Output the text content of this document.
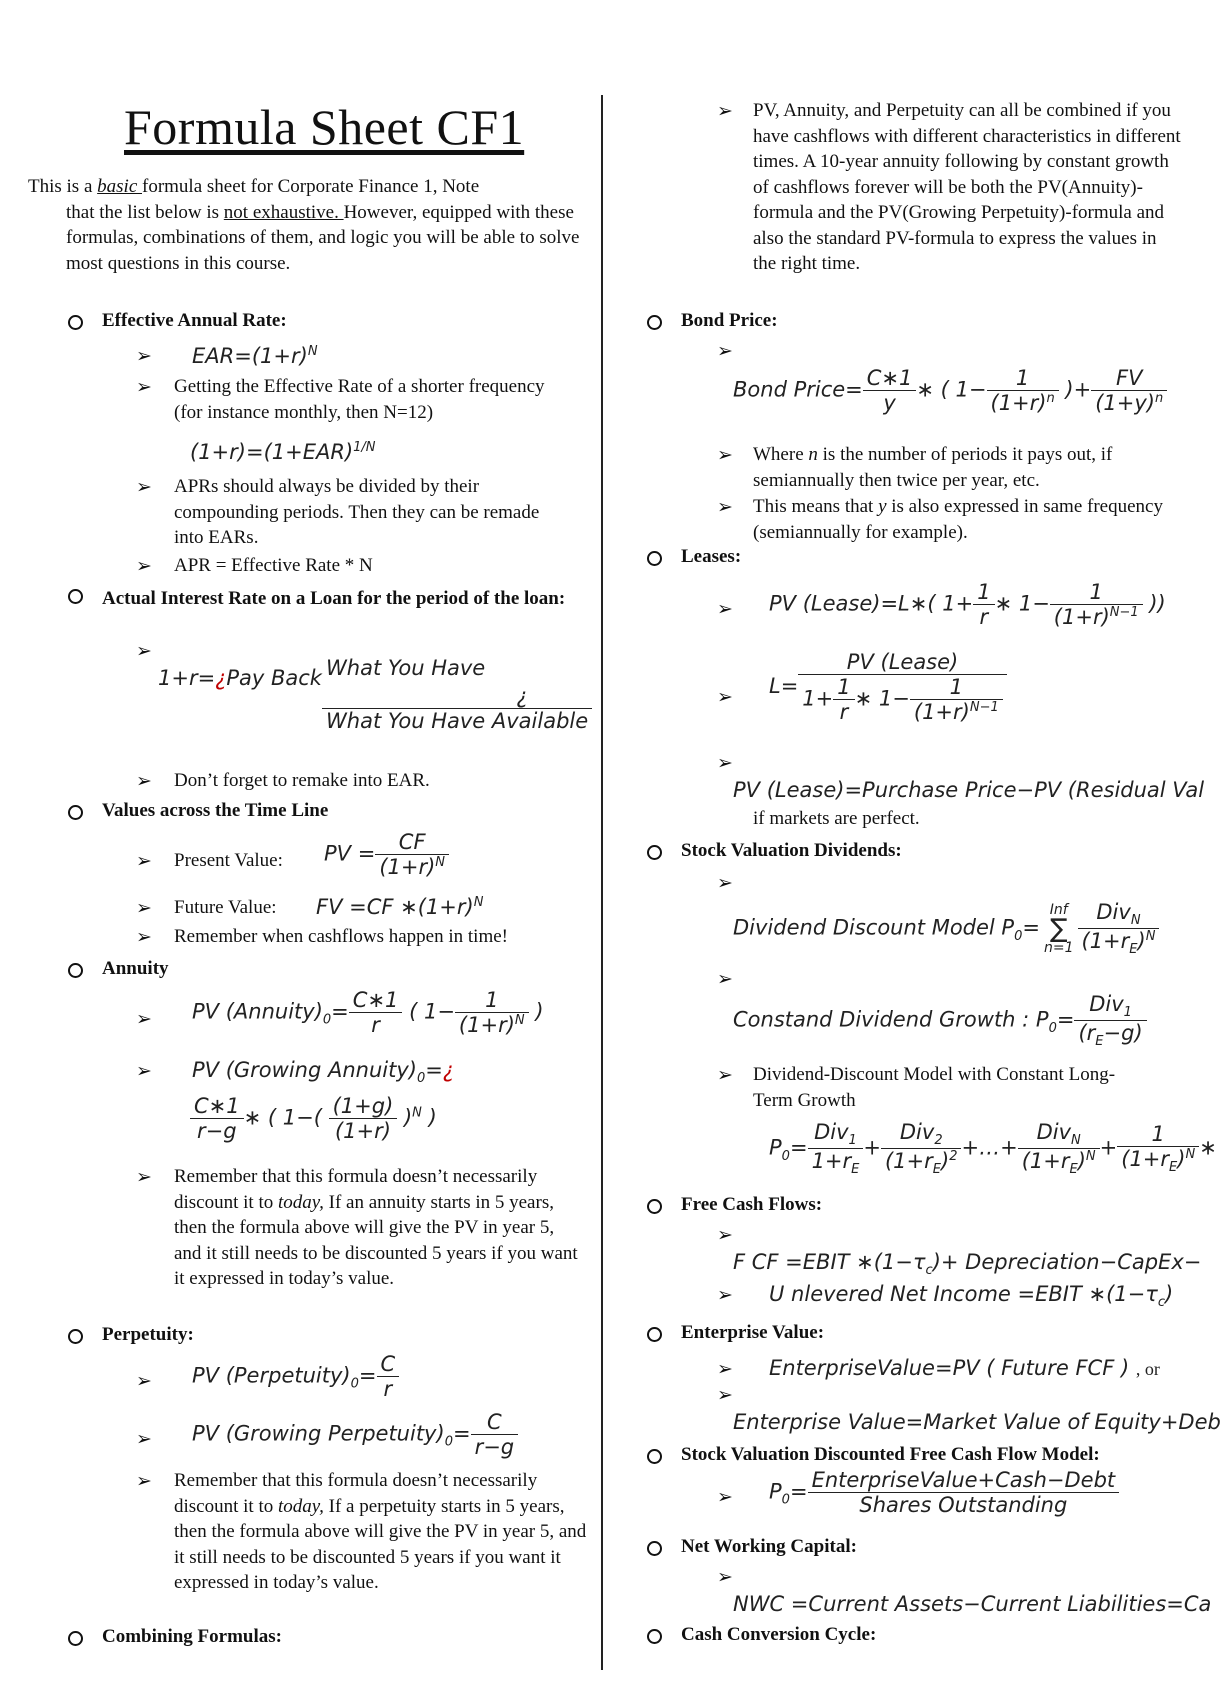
Formula Sheet CF1
This is a basic formula sheet for Corporate Finance 1, Note
that the list below is not exhaustive. However, equipped with these formulas, combinations of them, and logic you will be able to solve most questions in this course.
Effective Annual Rate:
➢ $EAR=(1+r)^N$
➢ Getting the Effective Rate of a shorter frequency (for instance monthly, then N=12)
$(1+r)=(1+EAR)^{1/N}$
➢ APRs should always be divided by their compounding periods. Then they can be remade into EARs.
➢ APR = Effective Rate * N
Actual Interest Rate on a Loan for the period of the loan:
➢
1+r=¿Pay Back What You Have
$\frac{¿}{\text{What You Have Available}}$
➢ Don’t forget to remake into EAR.
Values across the Time Line
➢ Present Value: PV = $\frac{CF}{(1+r)^N}$
➢ Future Value: FV =CF $∗(1+r)^N$
➢ Remember when cashflows happen in time!
Annuity
➢ PV $(Annuity)_0= \frac{C∗1}{r}$ ( $1- \frac{1}{(1+r)^N}$ )
➢ PV (Growing $Annuity)_0=¿$
$\frac{C∗1}{r-g}$ ∗ ( $1-( \frac{(1+g)}{(1+r)} )^N$ )
➢ Remember that this formula doesn’t necessarily discount it to today, If an annuity starts in 5 years, then the formula above will give the PV in year 5, and it still needs to be discounted 5 years if you want it expressed in today’s value.
Perpetuity:
➢ PV $(Perpetuity)_0= \frac{C}{r}$
➢ PV (Growing $Perpetuity)_0= \frac{C}{r-g}$
➢ Remember that this formula doesn’t necessarily discount it to today, If a perpetuity starts in 5 years, then the formula above will give the PV in year 5, and it still needs to be discounted 5 years if you want it expressed in today’s value.
Combining Formulas:
➢ PV, Annuity, and Perpetuity can all be combined if you have cashflows with different characteristics in different times. A 10-year annuity following by constant growth of cashflows forever will be both the PV(Annuity)-formula and the PV(Growing Perpetuity)-formula and also the standard PV-formula to express the values in the right time.
Bond Price:
➢
Bond Price= $\frac{C∗1}{y}$ ∗ ( $1- \frac{1}{(1+r)^n}$ )+ $\frac{FV}{(1+y)^n}$
➢ Where n is the number of periods it pays out, if semiannually then twice per year, etc.
➢ This means that y is also expressed in same frequency (semiannually for example).
Leases:
➢ PV (Lease)=L∗( $1+ \frac{1}{r}$ ∗ $1- \frac{1}{(1+r)^{N-1}}$ ))
➢ $L= \frac{\text{PV (Lease)}}{1+ \frac{1}{r} ∗ 1- \frac{1}{(1+r)^{N-1}}}$
➢
PV (Lease)=Purchase Price−PV (Residual Val
if markets are perfect.
Stock Valuation Dividends:
➢
Dividend Discount Model $P_0=$
Inf
∑
$n=1 \frac{Div_N}{(1+r_E)^N}$
➢
Constand Dividend Growth : $P_0= \frac{Div_1}{(r_E-g)}$
➢ Dividend-Discount Model with Constant Long-Term Growth
$P_0= \frac{Div_1}{1+r_E} + \frac{Div_2}{(1+r_E)^2}$ +…+ $\frac{Div_N}{(1+r_E)^N} + \frac{1}{(1+r_E)^N}$ ∗
Free Cash Flows:
➢
F CF =EBIT $∗(1-\tau_c)+$ Depreciation−CapEx−
➢ U nlevered Net Income =EBIT $∗(1-\tau_c)$
Enterprise Value:
➢ EnterpriseValue=PV ( Future FCF ) , or
➢
Enterprise Value=Market Value of Equity+Deb
Stock Valuation Discounted Free Cash Flow Model:
➢ $P_0= \frac{\text{EnterpriseValue+Cash−Debt}}{\text{Shares Outstanding}}$
Net Working Capital:
➢
NWC =Current Assets−Current Liabilities=Ca
Cash Conversion Cycle:
